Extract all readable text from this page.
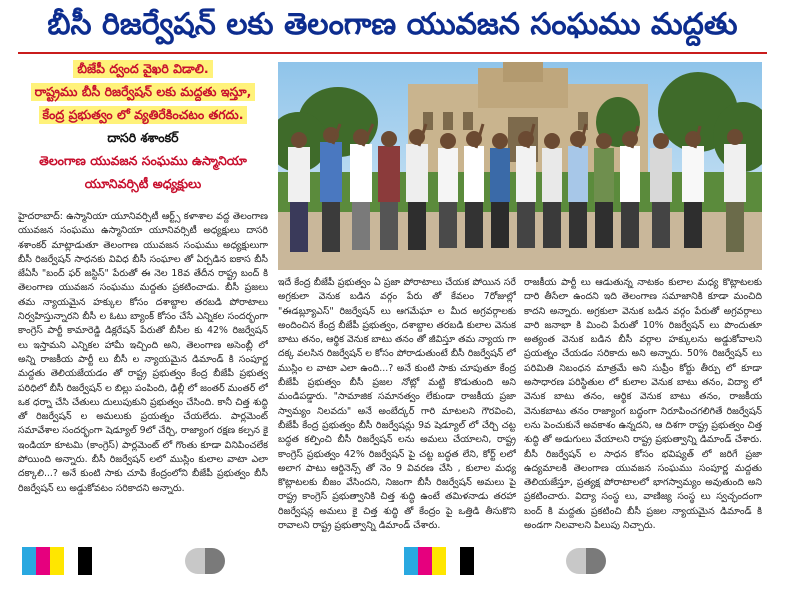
బీసీ రిజర్వేషన్ లకు తెలంగాణ యువజన సంఘము మద్దతు
బీజేపీ ద్వంద వైఖరి విడాలి.
రాష్ట్రము బీసీ రిజర్వేషన్ లకు మద్దతు ఇస్తూ,
కేంద్ర ప్రభుత్వం లో వ్యతిరేకించటం తగదు.
దాసరి శశాంకర్
తెలంగాణ యువజన సంఘము ఉస్మానియా
యూనివర్సిటీ అధ్యక్షులు
హైదరాబాద్: ఉస్మానియా యూనివర్సిటీ ఆర్ట్స్ కళాశాల వద్ద తెలంగాణ యువజన సంఘము ఉస్మానియా యూనివర్సిటీ అధ్యక్షులు దాసరి శశాంకర్ మాట్లాడుతూ తెలంగాణ యువజన సంఘము అధ్యక్షులుగా బీసీ రిజర్వేషన్ సాధనకు వివిధ బీసీ సంఘాల తో ఏర్పడిన ఐకాస బీసీ జేఏసీ "బంద్ ఫర్ జస్టిస్" పేరుతో ఈ నెల 18వ తేదీన రాష్ట్ర బంద్ కి తెలంగాణ యువజన సంఘము మద్దతు ప్రకటించాడు. బీసీ ప్రజలు తమ న్యాయమైన హక్కుల కోసం దశాబ్దాల తరబడి పోరాటాలు నిర్వహిస్తున్నారని బీసీ ల ఓటు బ్యాంక్ కోసం చేసే ఎన్నికల సందర్భంగా కాంగ్రెస్ పార్టీ కామారెడ్డి డిక్లరేషన్ పేరుతో బీసీల కు 42% రిజర్వేషన్ లు ఇస్తామని ఎన్నికల హామీ ఇచ్చింది అని, తెలంగాణ అసెంబ్లీ లో అన్ని రాజకీయ పార్టీ లు బీసీ ల న్యాయమైన డిమాండ్ కి సంపూర్ణ మద్దతు తెలియజేయడం తో రాష్ట్ర ప్రభుత్వం కేంద్ర బీజేపీ ప్రభుత్వ పరిధిలో బీసీ రిజర్వేషన్ ల బిల్లు పంపింది, ఢిల్లీ లో జంతర్ మంతర్ లో ఒక ధర్నా చేసి చేతులు దులుపుకుని ప్రభుత్వం చేసింది. కానీ చిత్త శుద్ధి తో రిజర్వేషన్ ల అమలుకు ప్రయత్నం చేయలేదు. పార్లమెంట్ సమావేశాల సందర్భంగా షెడ్యూల్ 9లో చేర్చి, రాజ్యాంగ రక్షణ కల్పన కై ఇండియా కూటమి (కాంగ్రెస్) పార్లమెంట్ లో గొంతు కూడా వినిపించలేక పోయింది అన్నారు. బీసీ రిజర్వేషన్ లలో ముస్లిం కులాల వాటా ఎలా దక్కాలి...? అనే కుంటి సాకు చూపి కేంద్రంలోని బీజేపీ ప్రభుత్వం బీసీ రిజర్వేషన్ లు అడ్డుకోవటం సరికాదని అన్నారు.
ఇదే కేంద్ర బీజేపీ ప్రభుత్వం ఏ ప్రజా పోరాటాలు చేయక పోయిన సరే అగ్రకులా వెనుక బడిన వర్గం పేరు తో కేవలం 7రోజుల్లో "ఈడబ్ల్యూఎస్" రిజర్వేషన్ లు ఆగమేఘా ల మీద అగ్రవర్గాలకు అందించిన కేంద్ర బీజేపీ ప్రభుత్వం, దశాబ్దాల తరబడి కులాల వెనుక బాటు తనం, ఆర్థిక వెనుక బాటు తనం తో జీవిస్తూ తమ న్యాయ గా దక్క వలసిన రిజర్వేషన్ ల కోసం పోరాడుతుంటే బీసీ రిజర్వేషన్ లో ముస్లిం ల వాటా ఎలా ఉంది...? అనే కుంటి సాకు చూపుతూ కేంద్ర బీజేపీ ప్రభుత్వం బీసీ ప్రజల నోట్లో మట్టి కొడుతుంది అని మండిపడ్డారు. "సామాజిక సమానత్వం లేకుండా రాజకీయ ప్రజా స్వామ్యం నిలవదు" అనే అంబేద్కర్ గారి మాటలని గౌరవించి, బీజేపీ కేంద్ర ప్రభుత్వం బీసీ రిజర్వేషన్లు 9వ షెడ్యూల్ లో చేర్చి చట్ట బద్ధత కల్పించి బీసీ రిజర్వేషన్ లను అమలు చేయాలని, రాష్ట్ర కాంగ్రెస్ ప్రభుత్వం 42% రిజర్వేషన్ పై చట్ట బద్ధత లేని, కోర్ట్ లలో అలాగ పాటు ఆర్డినెన్స్ తో నెం 9 వివరణ చేసి , కులాల మధ్య కొట్లాటలకు బీజం వేసిందని, నిజంగా బీసీ రిజర్వేషన్ అమలు పై రాష్ట్ర కాంగ్రెస్ ప్రభుత్వానికి చిత్త శుద్ధి ఉంటే తమిళనాడు తరహా రిజర్వేషన్ల అమలు కై చిత్త శుద్ధి తో కేంద్రం పై ఒత్తిడి తీసుకొని రావాలని రాష్ట్ర ప్రభుత్వాన్ని డిమాండ్ చేశారు.
రాజకీయ పార్టీ లు ఆడుతున్న నాటకం కులాల మధ్య కొట్లాటలకు దారి తీసేలా ఉందని ఇది తెలంగాణ సమాజానికి కూడా మంచిది కాదని అన్నారు. అగ్రకులా వెనుక బడిన వర్గం పేరుతో అగ్రవర్గాలు వారి జనాభా కి మించి పేరుతో 10% రిజర్వేషన్ లు పొందుతూ అత్యంత వెనుక బడిన బీసీ వర్గాల హక్కులను అడ్డుకోవాలని ప్రయత్నం చేయడం సరికాదు అని అన్నారు. 50% రిజర్వేషన్ లు పరిమితి నిబంధన మాత్రమే అని సుప్రీం కోర్టు తీర్పు లో కూడా అసాధారణ పరిస్థితుల లో కులాల వెనుక బాటు తనం, విద్యా లో వెనుక బాటు తనం, ఆర్థిక వెనుక బాటు తనం, రాజకీయ వెనుకబాటు తనం రాజ్యాంగ బద్ధంగా నిరూపించగలిగితే రిజర్వేషన్ లను పెంచుకునే అవకాశం ఉన్నదని, ఆ దిశగా రాష్ట్ర ప్రభుత్వం చిత్త శుద్ధి తో అడుగులు వేయాలని రాష్ట్ర ప్రభుత్వాన్ని డిమాండ్ చేశారు. బీసీ రిజర్వేషన్ ల సాధన కోసం భవిష్యత్ లో జరిగే ప్రజా ఉద్యమాలకి తెలంగాణ యువజన సంఘము సంపూర్ణ మద్దతు తెలియజేస్తూ, ప్రత్యక్ష పోరాటాలలో భాగస్వామ్యం అవుతుంది అని ప్రకటించారు. విద్యా సంస్థ లు, వాణిజ్య సంస్థ లు స్వచ్ఛందంగా బంద్ కి మద్దతు ప్రకటించి బీసీ ప్రజల న్యాయమైన డిమాండ్ కి అండగా నిలవాలని పిలుపు నిచ్చారు.
